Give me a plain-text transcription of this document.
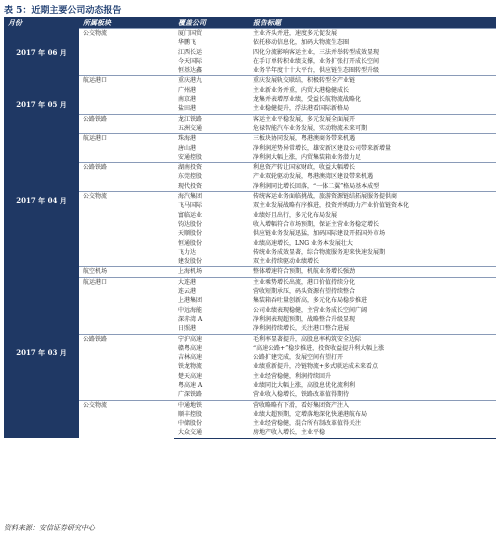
表 5：近期主要公司动态报告
月份	所属板块	覆盖公司	报告标题
2017 年 06 月	公交物流	厦门国贸	主业齐头并进，速度多元促发展
		华鹏飞	依托移动信息化，加码大物流生态圈
		江西长运	四化分流影响客运主业，三法并举转型成效显现
		今天国际	在手订单转积业绩支撑，业务扩张打开成长空间
		恒基达鑫	业务半年度十十大平台，供应链生态圈转型升级
2017 年 05 月	航运港口	重庆港九	重庆发展轨交联结，积极转型全产业链
		广州港	主业新业务并重，内贸大港稳健成长
		南京港	龙集并表增厚业绩，受益长航物流战略化
		盐田港	主业稳健提升，浮法港看国际新格局
	公路铁路	龙江铁路	客运主业平稳发展，多元发展全面展开
		五洲交通	危禄智能汽车业务发展，实动物流未来可期
2017 年 04 月	航运港口	珠海港	三板块协同发展，粤港澳商务带来机遇
		唐山港	净利润逆势异常增长，雄安新区建设公司带来新增量
		安通控股	净利润大幅上涨，内贸集装箱业务潜力足
	公路铁路	湖南投资	利息资产转让国家财政，收益大幅增长
		东莞控股	产业双轮驱动发展，粤港澳湾区建设带来机遇
		现代投资	净利润同比增长回落，“一体二翼”格局基本成型
	公交物流	海汽集团	传统客运业务面临挑战，旅游资源链结拓展服务提供商
		飞马国际	双主业发展战略有序推进，投资并购助力产业价值链资本化
		富临运业	业绩好且出行，多元化布局发展
		钧达股份	收入增幅符合市场预期，保证主营业务稳定增长
		天顺股份	供应链业务发展迅猛，加码国际建设开拓国外市场
		恒通股份	业绩高速增长，LNG 业务本发展壮大
		飞力达	传统业务成效显著，综合物流服务迎来快速发展期
		建发股份	双主业持续驱动业绩增长
2017 年 03 月	航空机场	上海机场	整体增速符合预期，机航业务增长强劲
	航运港口	大连港	主业乘势增长出流，港口价值持续分化
		连云港	营收短期承压，码头资源有望持续整合
		上港集团	集装箱吞吐量创新高，多元化布局稳步推进
		中远海能	公司业绩表现稳健，主营业务成长空间广阔
		深赤湾 A	净利润表现超预期，战略整合升级显现
		日照港	净利润持续增长，关注港口整合进展
	公路铁路	宁沪高速	毛利率显著提升，高股息率构筑安全边际
		赣粤高速	“高速公路+”稳步推进，投资收益提升利大幅上涨
		吉林高速	公路扩建完成，发展空间有望打开
		铁龙物流	业绩重新提升，冷链物流+多式联运成未来看点
		楚天高速	主业经营稳健，利润持续回升
		粤高速 A	业绩同比大幅上涨，高股息优化流利利
		广深铁路	营业收入稳增长，铁路改革值得期待
	公交物流	中通地铁	营收略略有下滑，看好集团资产注入
		顺丰控股	业绩大超预期，定增落地深化快递港航布局
		中储股份	主业经营稳健，混合所有制改革值得关注
		大众交通	房地产收入增长，主业平稳
资料来源：安信证券研究中心
